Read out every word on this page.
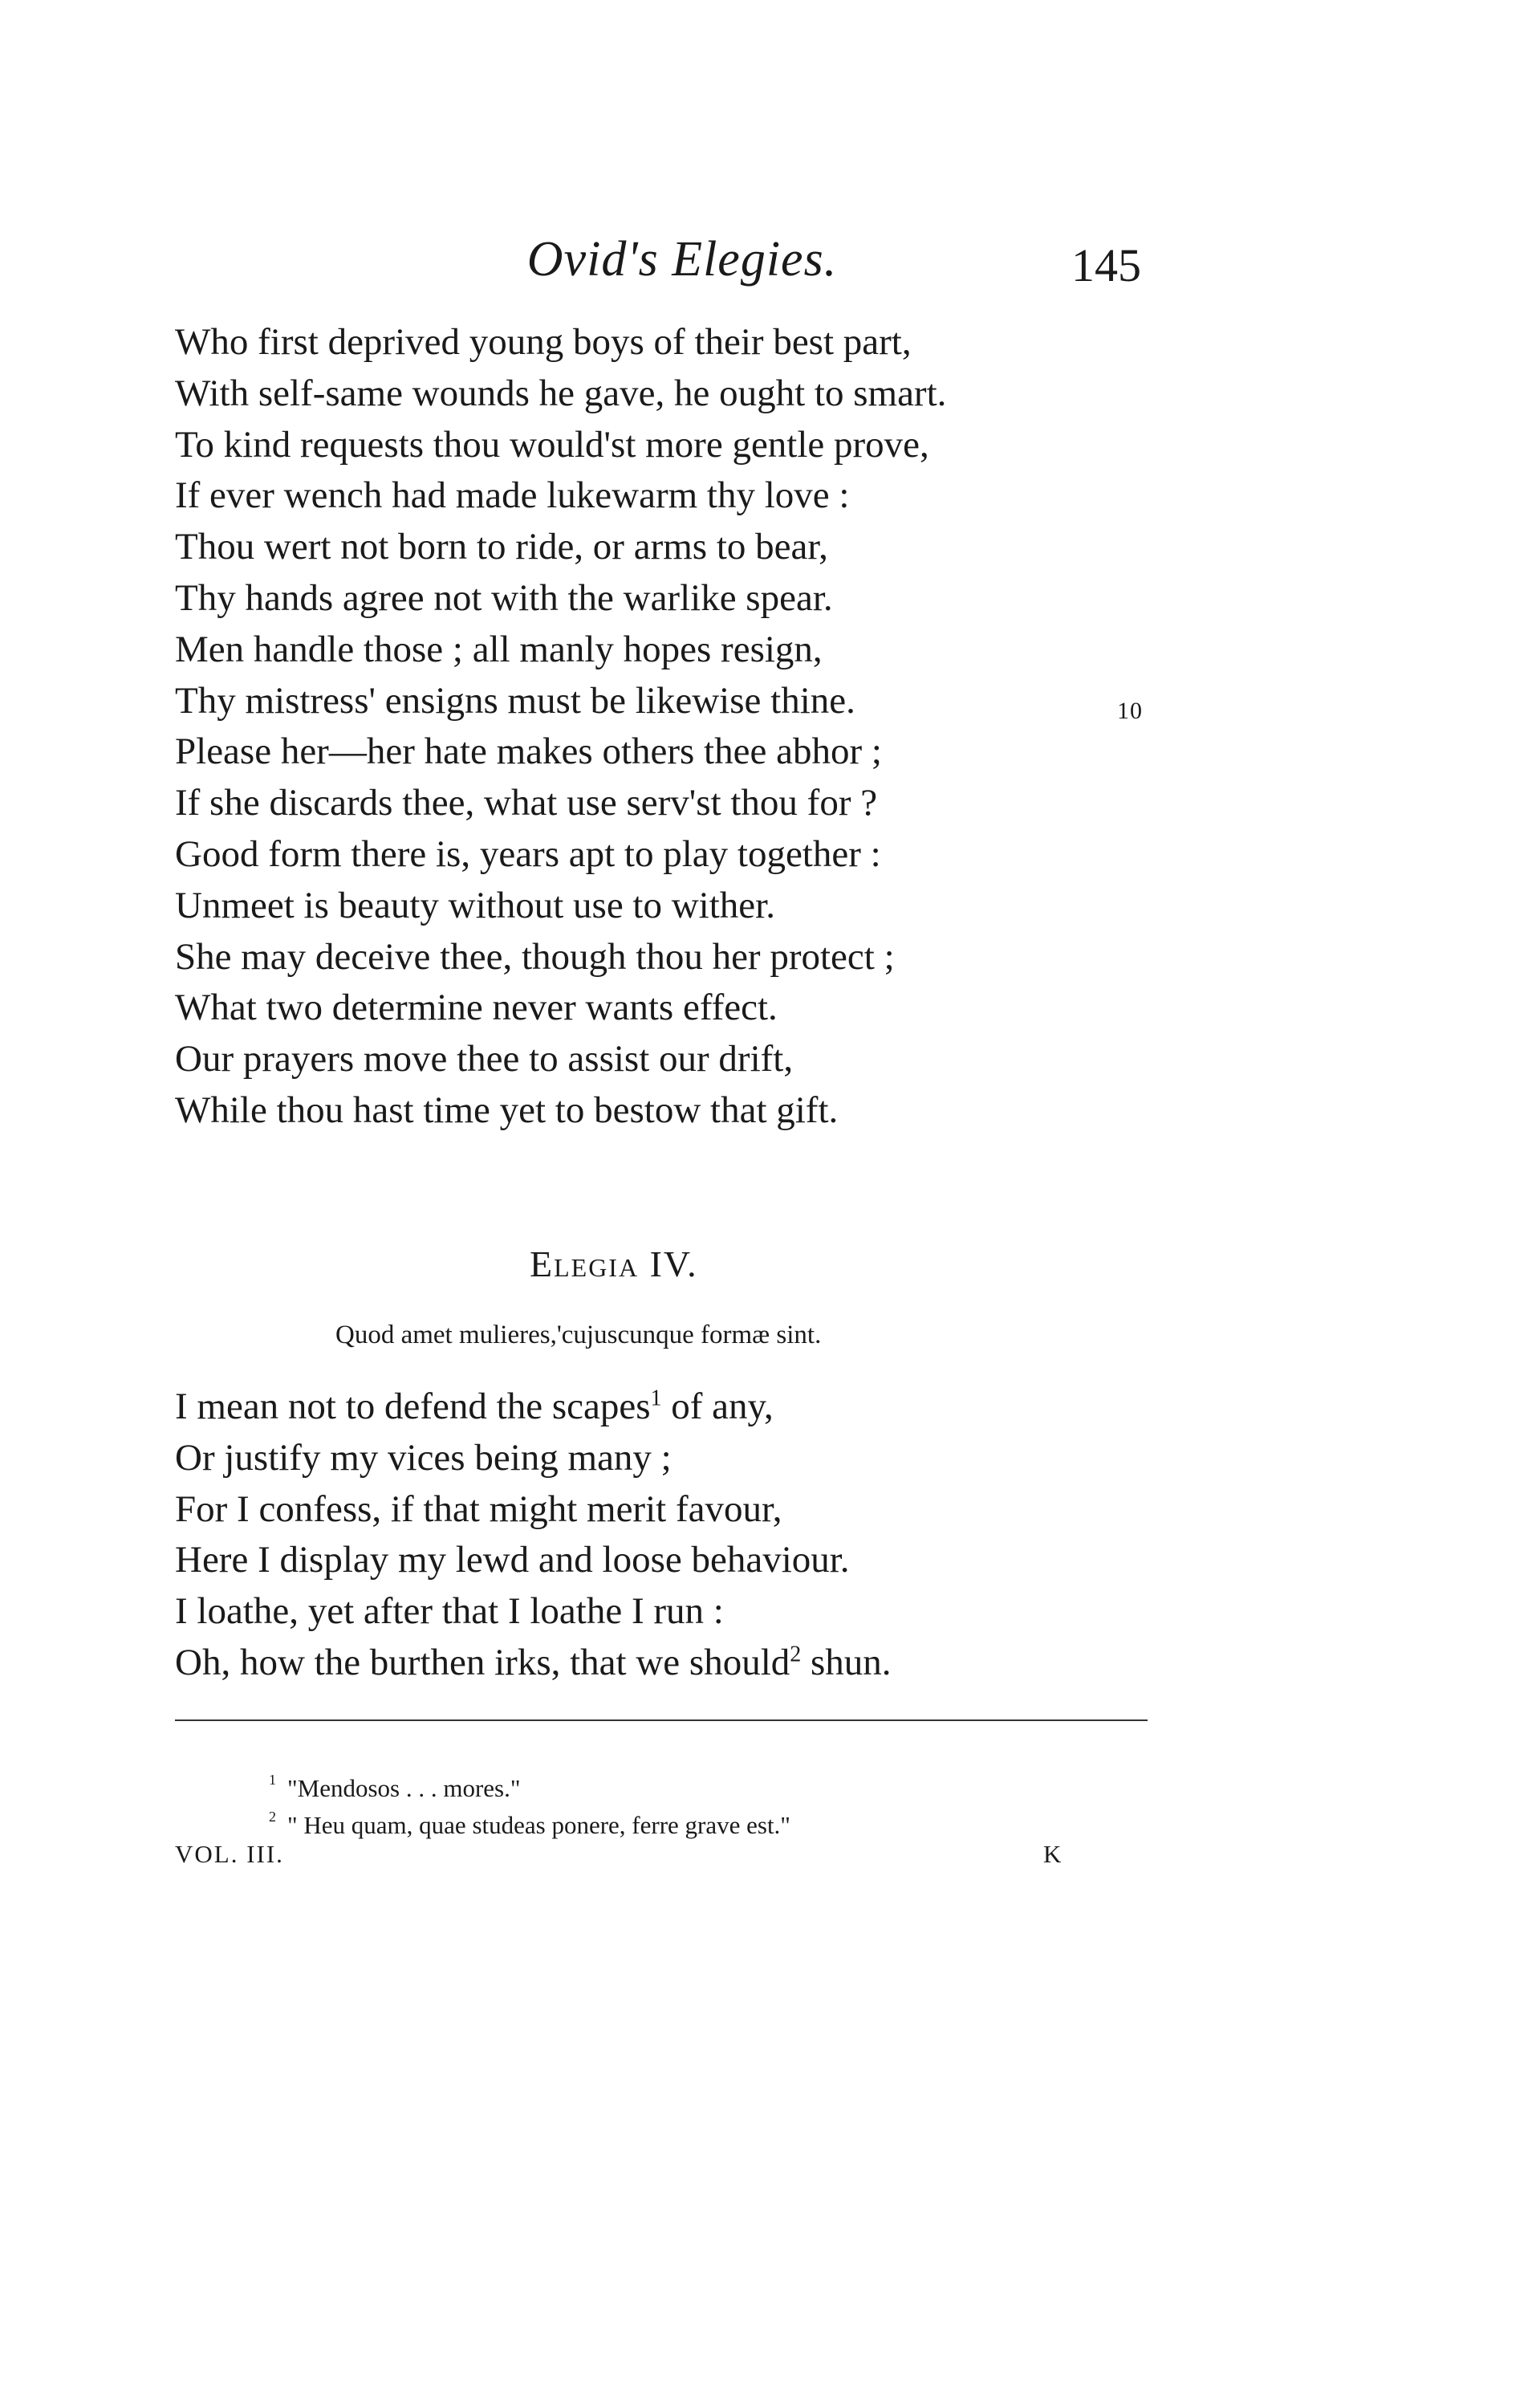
Ovid's Elegies.	145
Who first deprived young boys of their best part,
With self-same wounds he gave, he ought to smart.
To kind requests thou would'st more gentle prove,
If ever wench had made lukewarm thy love :
Thou wert not born to ride, or arms to bear,
Thy hands agree not with the warlike spear.
Men handle those ; all manly hopes resign,
Thy mistress' ensigns must be likewise thine.
Please her—her hate makes others thee abhor ;
If she discards thee, what use serv'st thou for ?
Good form there is, years apt to play together :
Unmeet is beauty without use to wither.
She may deceive thee, though thou her protect ;
What two determine never wants effect.
Our prayers move thee to assist our drift,
While thou hast time yet to bestow that gift.
10
Elegia IV.
Quod amet mulieres,'cujuscunque formæ sint.
I mean not to defend the scapes$^1$ of any,
Or justify my vices being many ;
For I confess, if that might merit favour,
Here I display my lewd and loose behaviour.
I loathe, yet after that I loathe I run :
Oh, how the burthen irks, that we should$^2$ shun.
1 "Mendosos . . . mores."
2 " Heu quam, quae studeas ponere, ferre grave est."
VOL. III.	K
